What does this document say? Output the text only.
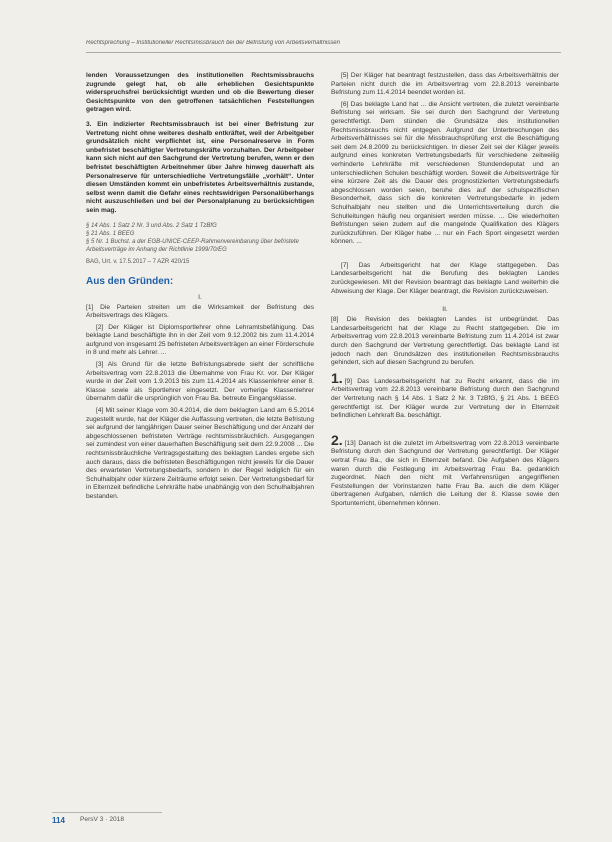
Rechtsprechung – Institutioneller Rechtsmissbrauch bei der Befristung von Arbeitsverhältnissen

lenden Voraussetzungen des institutionellen Rechtsmissbrauchs zugrunde gelegt hat, ob alle erheblichen Gesichtspunkte widerspruchsfrei berücksichtigt wurden und ob die Bewertung dieser Gesichtspunkte von den getroffenen tatsächlichen Feststellungen getragen wird.

3. Ein indizierter Rechtsmissbrauch ist bei einer Befristung zur Vertretung nicht ohne weiteres deshalb entkräftet, weil der Arbeitgeber grundsätzlich nicht verpflichtet ist, eine Personalreserve in Form unbefristet beschäftigter Vertretungskräfte vorzuhalten. Der Arbeitgeber kann sich nicht auf den Sachgrund der Vertretung berufen, wenn er den befristet beschäftigten Arbeitnehmer über Jahre hinweg dauerhaft als Personalreserve für unterschiedliche Vertretungsfälle „vorhält“. Unter diesen Umständen kommt ein unbefristetes Arbeitsverhältnis zustande, selbst wenn damit die Gefahr eines rechtswidrigen Personalüberhangs nicht auszuschließen und bei der Personalplanung zu berücksichtigen sein mag.

§ 14 Abs. 1 Satz 2 Nr. 3 und Abs. 2 Satz 1 TzBfG
§ 21 Abs. 1 BEEG
§ 5 Nr. 1 Buchst. a der EGB-UNICE-CEEP-Rahmenvereinbarung über befristete Arbeitsverträge im Anhang der Richtlinie 1999/70/EG
BAG, Urt. v. 17.5.2017 – 7 AZR 420/15
Aus den Gründen:
I.

[1] Die Parteien streiten um die Wirksamkeit der Befristung des Arbeitsvertrags des Klägers.

[2] Der Kläger ist Diplomsportlehrer ohne Lehramtsbefähigung. Das beklagte Land beschäftigte ihn in der Zeit vom 9.12.2002 bis zum 11.4.2014 aufgrund von insgesamt 25 befristeten Arbeitsverträgen an einer Förderschule in 8 und mehr als Lehrer. ...

[3] Als Grund für die letzte Befristungsabrede sieht der schriftliche Arbeitsvertrag vom 22.8.2013 die Übernahme von Frau Kr. vor. Der Kläger wurde in der Zeit vom 1.9.2013 bis zum 11.4.2014 als Klassenlehrer einer 8. Klasse sowie als Sportlehrer eingesetzt. Der vorherige Klassenlehrer übernahm dafür die ursprünglich von Frau Ba. betreute Eingangsklasse.

[4] Mit seiner Klage vom 30.4.2014, die dem beklagten Land am 6.5.2014 zugestellt wurde, hat der Kläger die Auffassung vertreten, die letzte Befristung sei aufgrund der langjährigen Dauer seiner Beschäftigung und der Anzahl der abgeschlossenen befristeten Verträge rechtsmissbräuchlich. Ausgegangen sei zumindest von einer dauerhaften Beschäftigung seit dem 22.9.2008 ... Die rechtsmissbräuchliche Vertragsgestaltung des beklagten Landes ergebe sich auch daraus, dass die befristeten Beschäftigungen nicht jeweils für die Dauer des erwarteten Vertretungsbedarfs, sondern in der Regel lediglich für ein Schulhalbjahr oder kürzere Zeiträume erfolgt seien. Der Vertretungsbedarf für in Elternzeit befindliche Lehrkräfte habe unabhängig von den Schulhalbjahren bestanden.

[5] Der Kläger hat beantragt festzustellen, dass das Arbeitsverhältnis der Parteien nicht durch die im Arbeitsvertrag vom 22.8.2013 vereinbarte Befristung zum 11.4.2014 beendet worden ist.

[6] Das beklagte Land hat ... die Ansicht vertreten, die zuletzt vereinbarte Befristung sei wirksam. Sie sei durch den Sachgrund der Vertretung gerechtfertigt. Dem stünden die Grundsätze des institutionellen Rechtsmissbrauchs nicht entgegen. Aufgrund der Unterbrechungen des Arbeitsverhältnisses sei für die Missbrauchsprüfung erst die Beschäftigung seit dem 24.8.2009 zu berücksichtigen. In dieser Zeit sei der Kläger jeweils aufgrund eines konkreten Vertretungsbedarfs für verschiedene zeitweilig verhinderte Lehrkräfte mit verschiedenen Stundendeputat und an unterschiedlichen Schulen beschäftigt worden. Soweit die Arbeitsverträge für eine kürzere Zeit als die Dauer des prognostizierten Vertretungsbedarfs abgeschlossen worden seien, beruhe dies auf der schulspezifischen Besonderheit, dass sich die konkreten Vertretungsbedarfe in jedem Schulhalbjahr neu stellten und die Unterrichtsverteilung durch die Schulleitungen häufig neu organisiert werden müsse. ... Die wiederholten Befristungen seien zudem auf die mangelnde Qualifikation des Klägers zurückzuführen. Der Kläger habe ... nur ein Fach Sport eingesetzt werden können. ...

[7] Das Arbeitsgericht hat der Klage stattgegeben. Das Landesarbeitsgericht hat die Berufung des beklagten Landes zurückgewiesen. Mit der Revision beantragt das beklagte Land weiterhin die Abweisung der Klage. Der Kläger beantragt, die Revision zurückzuweisen.

II.

[8] Die Revision des beklagten Landes ist unbegründet. Das Landesarbeitsgericht hat der Klage zu Recht stattgegeben. Die im Arbeitsvertrag vom 22.8.2013 vereinbarte Befristung zum 11.4.2014 ist zwar durch den Sachgrund der Vertretung gerechtfertigt. Das beklagte Land ist jedoch nach den Grundsätzen des institutionellen Rechtsmissbrauchs gehindert, sich auf diesen Sachgrund zu berufen.

1. [9] Das Landesarbeitsgericht hat zu Recht erkannt, dass die im Arbeitsvertrag vom 22.8.2013 vereinbarte Befristung durch den Sachgrund der Vertretung nach § 14 Abs. 1 Satz 2 Nr. 3 TzBfG, § 21 Abs. 1 BEEG gerechtfertigt ist. Der Kläger wurde zur Vertretung der in Elternzeit befindlichen Lehrkraft Ba. beschäftigt.

2. [13] Danach ist die zuletzt im Arbeitsvertrag vom 22.8.2013 vereinbarte Befristung durch den Sachgrund der Vertretung gerechtfertigt. Der Kläger vertrat Frau Ba., die sich in Elternzeit befand. Die Aufgaben des Klägers waren durch die Festlegung im Arbeitsvertrag Frau Ba. gedanklich zugeordnet. Nach den nicht mit Verfahrensrügen angegriffenen Feststellungen der Vorinstanzen hatte Frau Ba. auch die dem Kläger übertragenen Aufgaben, nämlich die Leitung der 8. Klasse sowie den Sportunterricht, übernehmen können.

114 PersV 3 · 2018
